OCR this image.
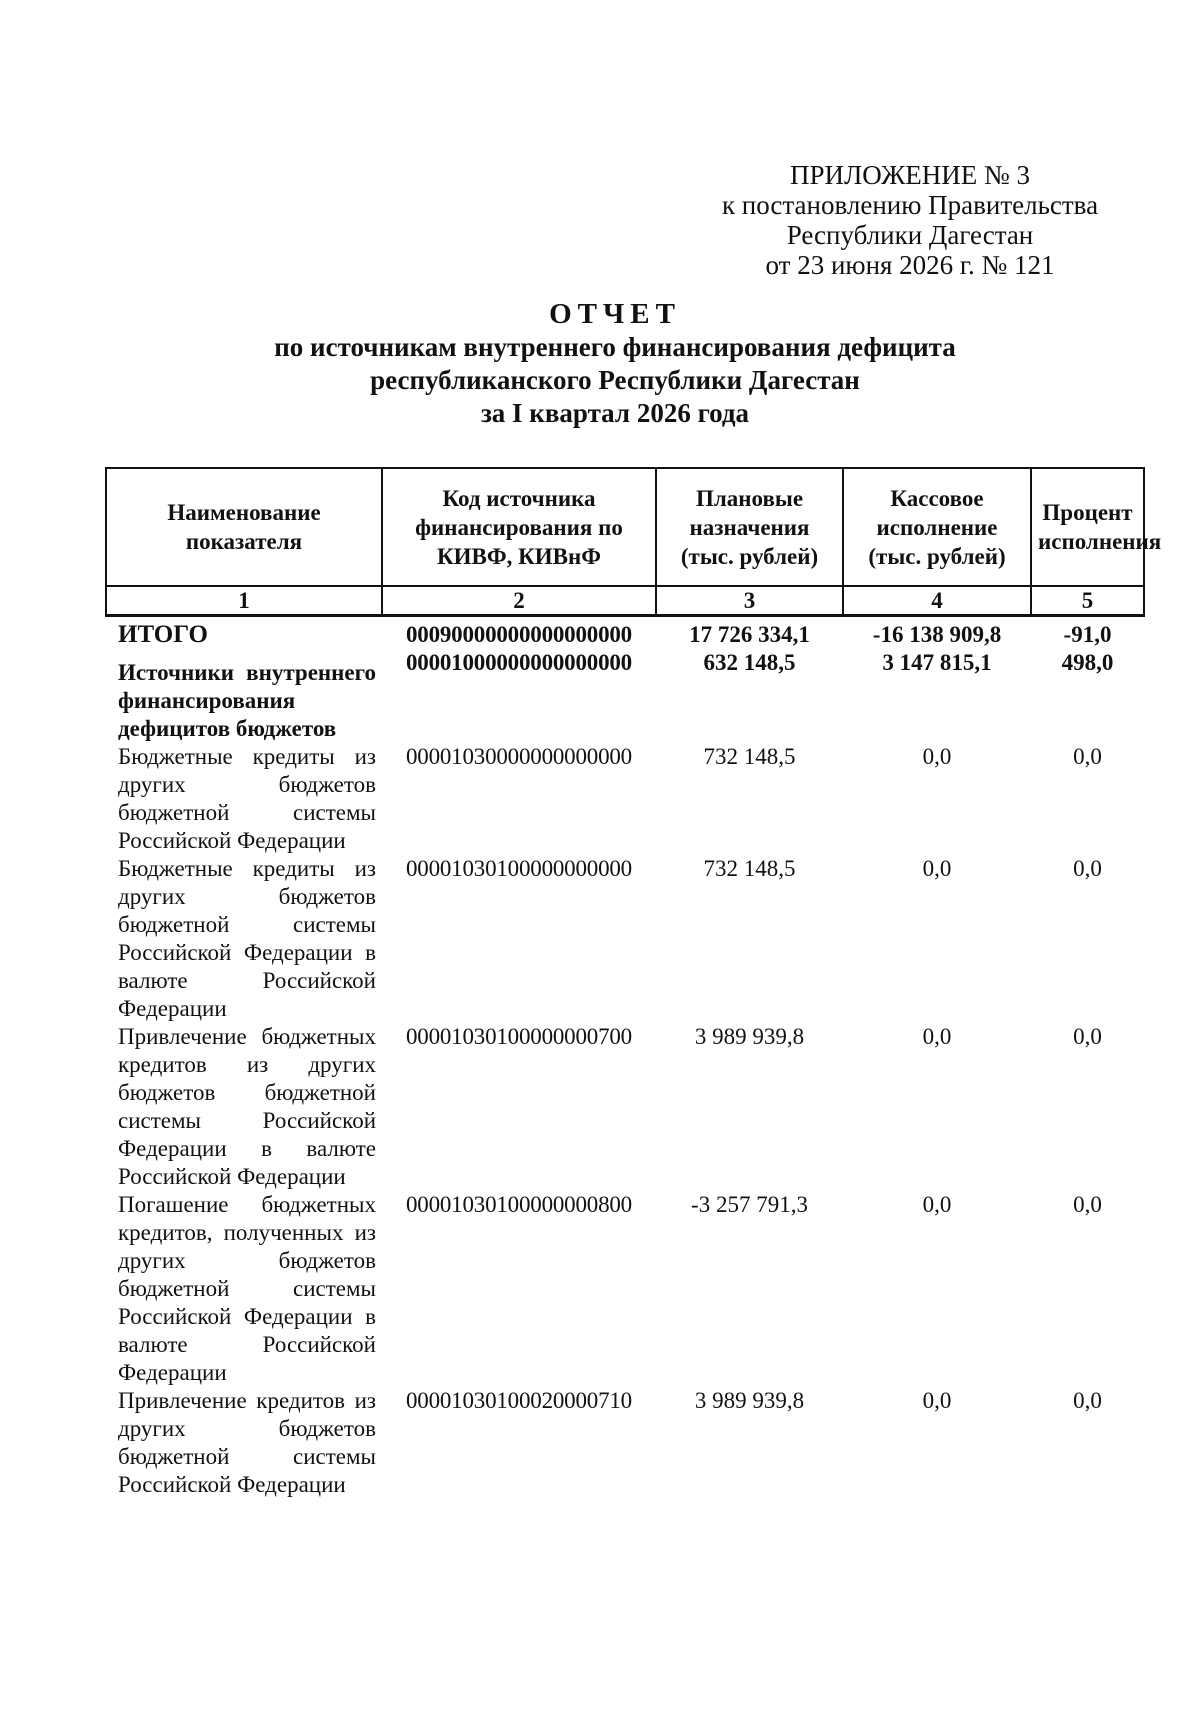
ПРИЛОЖЕНИЕ № 3
к постановлению Правительства
Республики Дагестан
от 23 июня 2026 г. № 121
ОТЧЕТ
по источникам внутреннего финансирования дефицита
республиканского Республики Дагестан
за I квартал 2026 года
Наименование показателя	Код источника финансирования по КИВФ, КИВнФ	Плановые назначения (тыс. рублей)	Кассовое исполнение (тыс. рублей)	Процент исполнения
1	2	3	4	5
ИТОГО	00090000000000000000	17 726 334,1	-16 138 909,8	-91,0
Источники внутреннего финансирования дефицитов бюджетов	00001000000000000000	632 148,5	3 147 815,1	498,0
Бюджетные кредиты из других бюджетов бюджетной системы Российской Федерации	00001030000000000000	732 148,5	0,0	0,0
Бюджетные кредиты из других бюджетов бюджетной системы Российской Федерации в валюте Российской Федерации	00001030100000000000	732 148,5	0,0	0,0
Привлечение бюджетных кредитов из других бюджетов бюджетной системы Российской Федерации в валюте Российской Федерации	00001030100000000700	3 989 939,8	0,0	0,0
Погашение бюджетных кредитов, полученных из других бюджетов бюджетной системы Российской Федерации в валюте Российской Федерации	00001030100000000800	-3 257 791,3	0,0	0,0
Привлечение кредитов из других бюджетов бюджетной системы Российской Федерации	00001030100020000710	3 989 939,8	0,0	0,0
